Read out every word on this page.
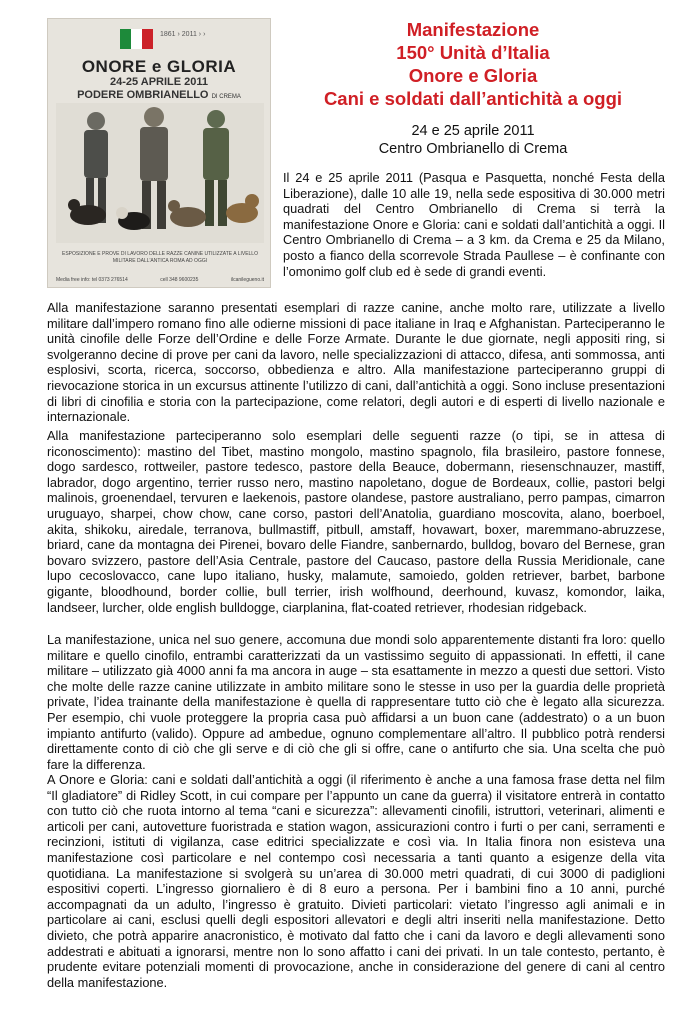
1861 › 2011 › ›
ONORE e GLORIA
24-25 APRILE 2011
PODERE OMBRIANELLO DI CREMA
ESPOSIZIONE E PROVE DI LAVORO DELLE RAZZE CANINE UTILIZZATE A LIVELLO MILITARE DALL'ANTICA ROMA AD OGGI
Media free info: tel 0373 276514	cell 348 9600235	ilcanilegueno.it
Manifestazione
150° Unità d’Italia
Onore e Gloria
Cani e soldati dall’antichità a oggi
24 e 25 aprile 2011
Centro Ombrianello di Crema

Il 24 e 25 aprile 2011 (Pasqua e Pasquetta, nonché Festa della Liberazione), dalle 10 alle 19, nella sede espositiva di 30.000 metri quadrati del Centro Ombrianello di Crema si terrà la manifestazione Onore e Gloria: cani e soldati dall’antichità a oggi. Il Centro Ombrianello di Crema – a 3 km. da Crema e 25 da Milano, posto a fianco della scorrevole Strada Paullese – è confinante con l’omonimo golf club ed è sede di grandi eventi.

Alla manifestazione saranno presentati esemplari di razze canine, anche molto rare, utilizzate a livello militare dall’impero romano fino alle odierne missioni di pace italiane in Iraq e Afghanistan. Parteciperanno le unità cinofile delle Forze dell’Ordine e delle Forze Armate. Durante le due giornate, negli appositi ring, si svolgeranno decine di prove per cani da lavoro, nelle specializzazioni di attacco, difesa, anti sommossa, anti esplosivi, scorta, ricerca, soccorso, obbedienza e altro. Alla manifestazione parteciperanno gruppi di rievocazione storica in un excursus attinente l’utilizzo di cani, dall’antichità a oggi. Sono incluse presentazioni di libri di cinofilia e storia con la partecipazione, come relatori, degli autori e di esperti di livello nazionale e internazionale.

Alla manifestazione parteciperanno solo esemplari delle seguenti razze (o tipi, se in attesa di riconoscimento): mastino del Tibet, mastino mongolo, mastino spagnolo, fila brasileiro, pastore fonnese, dogo sardesco, rottweiler, pastore tedesco, pastore della Beauce, dobermann, riesenschnauzer, mastiff, labrador, dogo argentino, terrier russo nero, mastino napoletano, dogue de Bordeaux, collie, pastori belgi malinois, groenendael, tervuren e laekenois, pastore olandese, pastore australiano, perro pampas, cimarron uruguayo, sharpei, chow chow, cane corso, pastori dell’Anatolia, guardiano moscovita, alano, boerboel, akita, shikoku, airedale, terranova, bullmastiff, pitbull, amstaff, hovawart, boxer, maremmano-abruzzese, briard, cane da montagna dei Pirenei, bovaro delle Fiandre, sanbernardo, bulldog, bovaro del Bernese, gran bovaro svizzero, pastore dell’Asia Centrale, pastore del Caucaso, pastore della Russia Meridionale, cane lupo cecoslovacco, cane lupo italiano, husky, malamute, samoiedo, golden retriever, barbet, barbone gigante, bloodhound, border collie, bull terrier, irish wolfhound, deerhound, kuvasz, komondor, laika, landseer, lurcher, olde english bulldogge, ciarplanina, flat-coated retriever, rhodesian ridgeback.

La manifestazione, unica nel suo genere, accomuna due mondi solo apparentemente distanti fra loro: quello militare e quello cinofilo, entrambi caratterizzati da un vastissimo seguito di appassionati. In effetti, il cane militare – utilizzato già 4000 anni fa ma ancora in auge – sta esattamente in mezzo a questi due settori. Visto che molte delle razze canine utilizzate in ambito militare sono le stesse in uso per la guardia delle proprietà private, l’idea trainante della manifestazione è quella di rappresentare tutto ciò che è legato alla sicurezza. Per esempio, chi vuole proteggere la propria casa può affidarsi a un buon cane (addestrato) o a un buon impianto antifurto (valido). Oppure ad ambedue, ognuno complementare all’altro. Il pubblico potrà rendersi direttamente conto di ciò che gli serve e di ciò che gli si offre, cane o antifurto che sia. Una scelta che può fare la differenza.

A Onore e Gloria: cani e soldati dall’antichità a oggi (il riferimento è anche a una famosa frase detta nel film “Il gladiatore” di Ridley Scott, in cui compare per l’appunto un cane da guerra) il visitatore entrerà in contatto con tutto ciò che ruota intorno al tema “cani e sicurezza”: allevamenti cinofili, istruttori, veterinari, alimenti e articoli per cani, autovetture fuoristrada e station wagon, assicurazioni contro i furti o per cani, serramenti e recinzioni, istituti di vigilanza, case editrici specializzate e così via. In Italia finora non esisteva una manifestazione così particolare e nel contempo così necessaria a tanti quanto a esigenze della vita quotidiana. La manifestazione si svolgerà su un’area di 30.000 metri quadrati, di cui 3000 di padiglioni espositivi coperti. L’ingresso giornaliero è di 8 euro a persona. Per i bambini fino a 10 anni, purché accompagnati da un adulto, l’ingresso è gratuito. Divieti particolari: vietato l’ingresso agli animali e in particolare ai cani, esclusi quelli degli espositori allevatori e degli altri inseriti nella manifestazione. Detto divieto, che potrà apparire anacronistico, è motivato dal fatto che i cani da lavoro e degli allevamenti sono addestrati e abituati a ignorarsi, mentre non lo sono affatto i cani dei privati. In un tale contesto, pertanto, è prudente evitare potenziali momenti di provocazione, anche in considerazione del genere di cani al centro della manifestazione.
